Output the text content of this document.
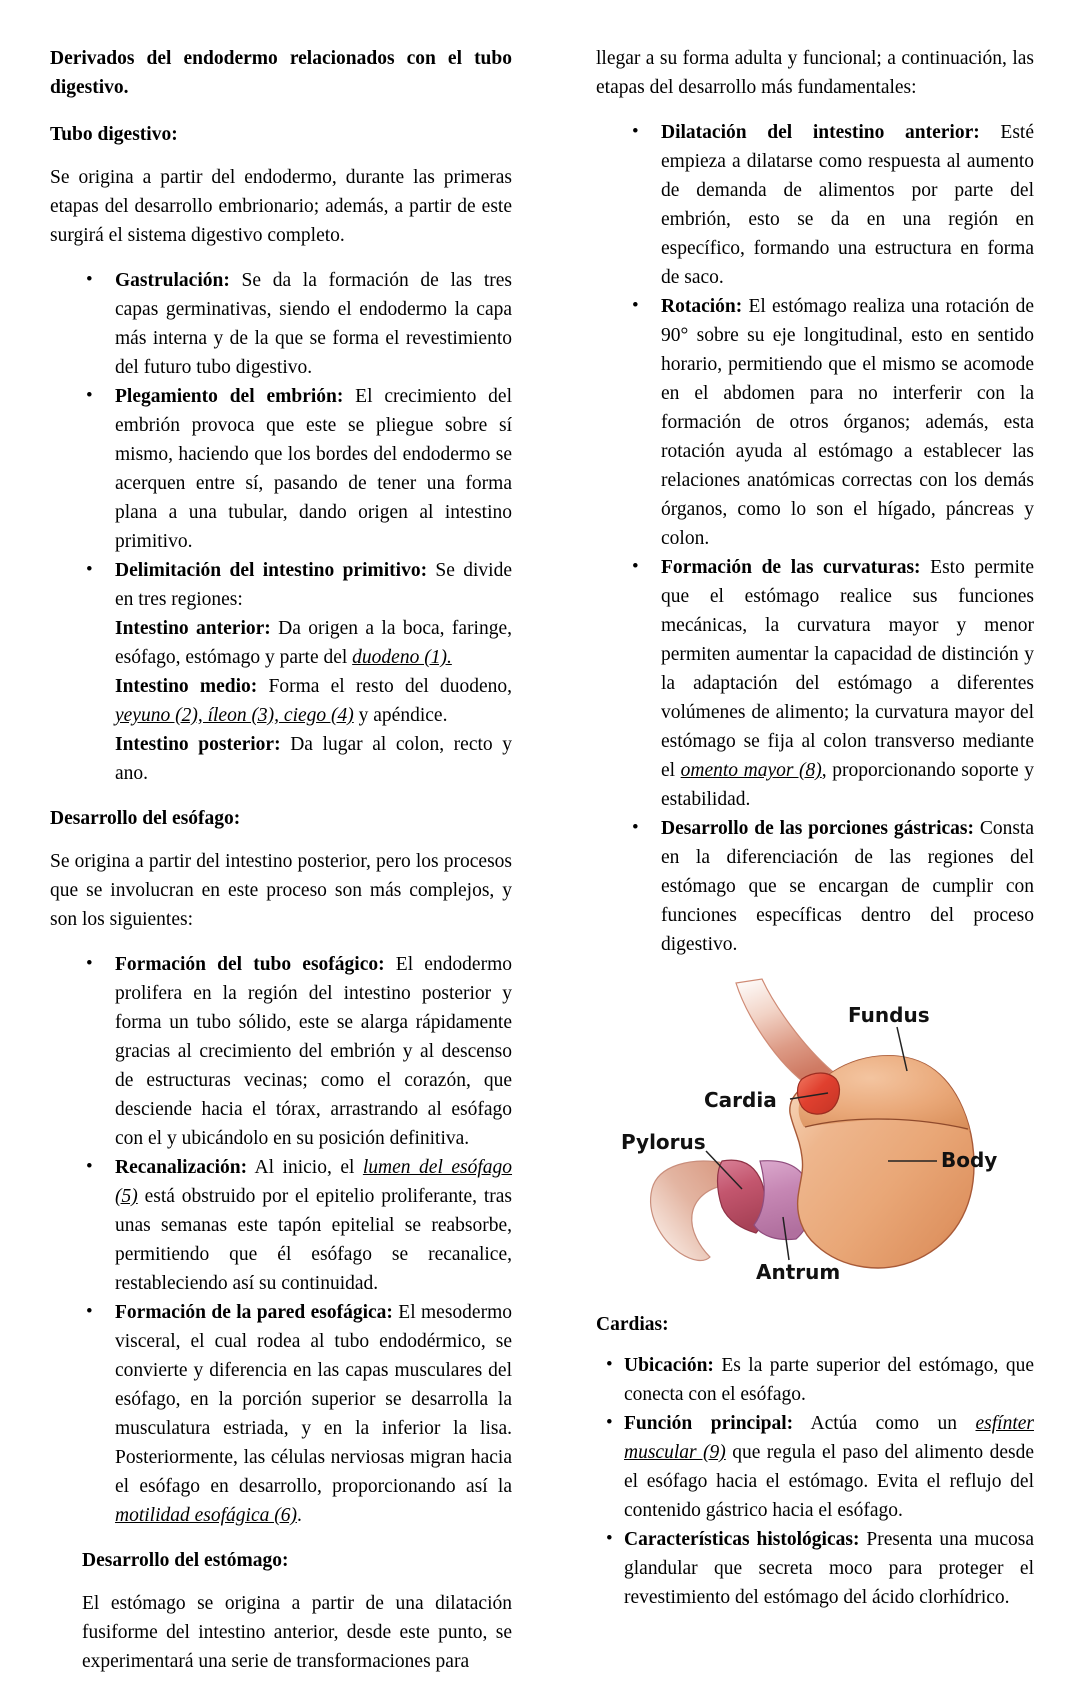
Derivados del endodermo relacionados con el tubo digestivo.
Tubo digestivo:

Se origina a partir del endodermo, durante las primeras etapas del desarrollo embrionario; además, a partir de este surgirá el sistema digestivo completo.

• Gastrulación: Se da la formación de las tres capas germinativas, siendo el endodermo la capa más interna y de la que se forma el revestimiento del futuro tubo digestivo.
• Plegamiento del embrión: El crecimiento del embrión provoca que este se pliegue sobre sí mismo, haciendo que los bordes del endodermo se acerquen entre sí, pasando de tener una forma plana a una tubular, dando origen al intestino primitivo.
• Delimitación del intestino primitivo: Se divide en tres regiones:
Intestino anterior: Da origen a la boca, faringe, esófago, estómago y parte del duodeno (1).
Intestino medio: Forma el resto del duodeno, yeyuno (2), íleon (3), ciego (4) y apéndice.
Intestino posterior: Da lugar al colon, recto y ano.
Desarrollo del esófago:

Se origina a partir del intestino posterior, pero los procesos que se involucran en este proceso son más complejos, y son los siguientes:

• Formación del tubo esofágico: El endodermo prolifera en la región del intestino posterior y forma un tubo sólido, este se alarga rápidamente gracias al crecimiento del embrión y al descenso de estructuras vecinas; como el corazón, que desciende hacia el tórax, arrastrando al esófago con el y ubicándolo en su posición definitiva.
• Recanalización: Al inicio, el lumen del esófago (5) está obstruido por el epitelio proliferante, tras unas semanas este tapón epitelial se reabsorbe, permitiendo que él esófago se recanalice, restableciendo así su continuidad.
• Formación de la pared esofágica: El mesodermo visceral, el cual rodea al tubo endodérmico, se convierte y diferencia en las capas musculares del esófago, en la porción superior se desarrolla la musculatura estriada, y en la inferior la lisa. Posteriormente, las células nerviosas migran hacia el esófago en desarrollo, proporcionando así la motilidad esofágica (6).
Desarrollo del estómago:

El estómago se origina a partir de una dilatación fusiforme del intestino anterior, desde este punto, se experimentará una serie de transformaciones para

llegar a su forma adulta y funcional; a continuación, las etapas del desarrollo más fundamentales:

• Dilatación del intestino anterior: Esté empieza a dilatarse como respuesta al aumento de demanda de alimentos por parte del embrión, esto se da en una región en específico, formando una estructura en forma de saco.
• Rotación: El estómago realiza una rotación de 90° sobre su eje longitudinal, esto en sentido horario, permitiendo que el mismo se acomode en el abdomen para no interferir con la formación de otros órganos; además, esta rotación ayuda al estómago a establecer las relaciones anatómicas correctas con los demás órganos, como lo son el hígado, páncreas y colon.
• Formación de las curvaturas: Esto permite que el estómago realice sus funciones mecánicas, la curvatura mayor y menor permiten aumentar la capacidad de distinción y la adaptación del estómago a diferentes volúmenes de alimento; la curvatura mayor del estómago se fija al colon transverso mediante el omento mayor (8), proporcionando soporte y estabilidad.
• Desarrollo de las porciones gástricas: Consta en la diferenciación de las regiones del estómago que se encargan de cumplir con funciones específicas dentro del proceso digestivo.
Fundus
Cardia
Pylorus
Body
Antrum
Cardias:
• Ubicación: Es la parte superior del estómago, que conecta con el esófago.
• Función principal: Actúa como un esfínter muscular (9) que regula el paso del alimento desde el esófago hacia el estómago. Evita el reflujo del contenido gástrico hacia el esófago.
• Características histológicas: Presenta una mucosa glandular que secreta moco para proteger el revestimiento del estómago del ácido clorhídrico.
